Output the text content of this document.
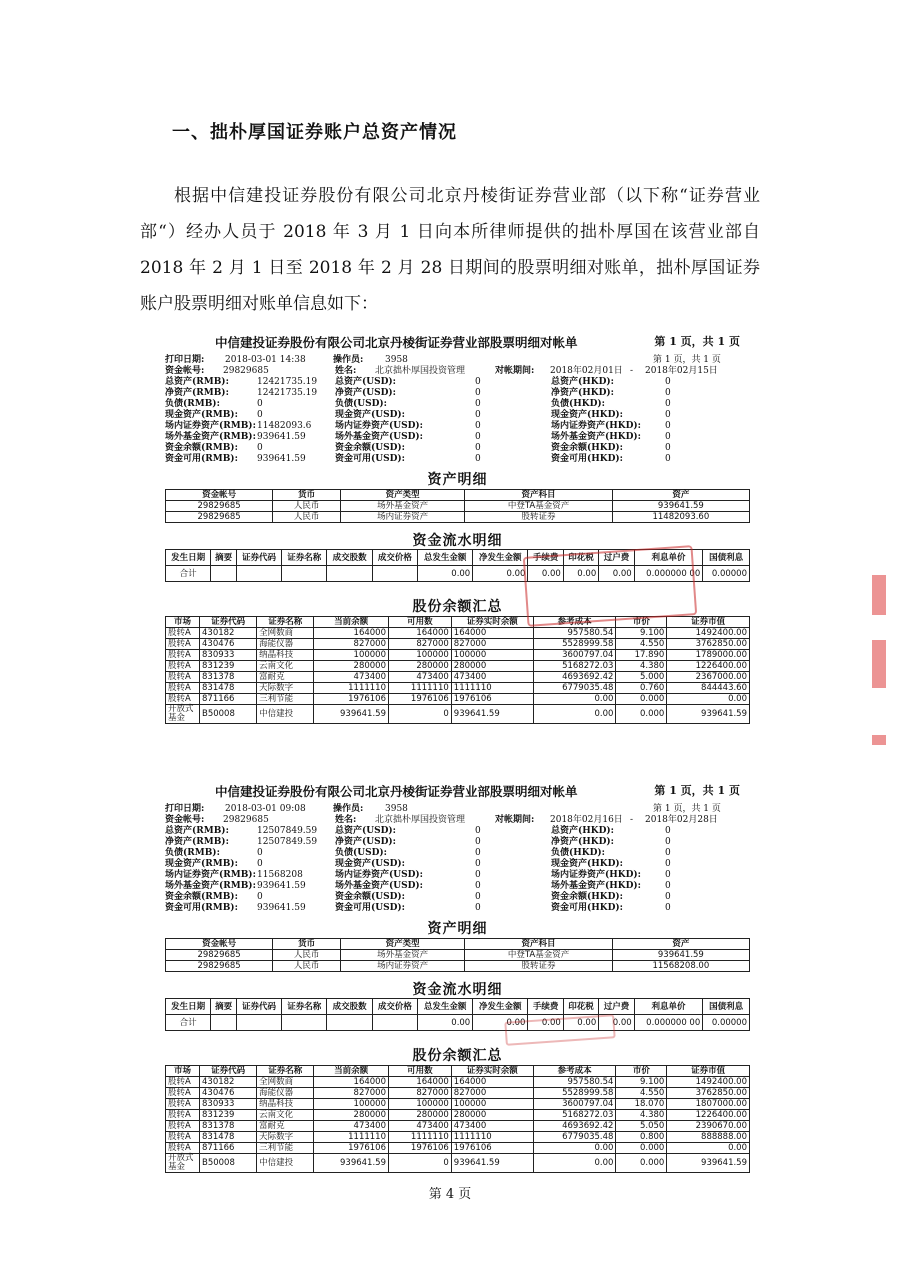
一、拙朴厚国证券账户总资产情况
根据中信建投证券股份有限公司北京丹棱街证券营业部（以下称“证券营业部“）经办人员于 2018 年 3 月 1 日向本所律师提供的拙朴厚国在该营业部自 2018 年 2 月 1 日至 2018 年 2 月 28 日期间的股票明细对账单，拙朴厚国证券账户股票明细对账单信息如下：
中信建投证券股份有限公司北京丹棱街证券营业部股票明细对帐单	第 1 页，共 1 页
打印日期: 2018-03-01 14:38	操作员: 3958	第 1 页，共 1 页
资金帐号: 29829685	姓名: 北京拙朴厚国投资管理	对帐期间: 2018年02月01日 - 2018年02月15日
总资产(RMB):	12421735.19 总资产(USD):	0	总资产(HKD):	0
净资产(RMB):	12421735.19 净资产(USD):	0	净资产(HKD):	0
负债(RMB):	0	负债(USD):	0	负债(HKD):	0
现金资产(RMB): 0	现金资产(USD):	0	现金资产(HKD):	0
场内证券资产(RMB): 11482093.6	场内证券资产(USD):	0	场内证券资产(HKD):	0
场外基金资产(RMB): 939641.59	场外基金资产(USD):	0	场外基金资产(HKD):	0
资金余额(RMB): 0	资金余额(USD):	0	资金余额(HKD):	0
资金可用(RMB): 939641.59	资金可用(USD):	0	资金可用(HKD):	0
资产明细
资金帐号	货币	资产类型	资产科目	资产
29829685	人民币	场外基金资产	中登TA基金资产	939641.59
29829685	人民币	场内证券资产	股转证券	11482093.60
资金流水明细
发生日期	摘要	证券代码	证券名称	成交股数	成交价格	总发生金额	净发生金额	手续费	印花税	过户费	利息单价	国债利息
合计						0.00	0.00	0.00	0.00	0.00	0.000000 00	0.00000
股份余额汇总
市场	证券代码	证券名称	当前余额	可用数	证券实时余额	参考成本	市价	证券市值
股转A	430182	全网数商	164000	164000	164000	957580.54	9.100	1492400.00
股转A	430476	海能仪器	827000	827000	827000	5528999.58	4.550	3762850.00
股转A	830933	纳晶科技	100000	100000	100000	3600797.04	17.890	1789000.00
股转A	831239	云南文化	280000	280000	280000	5168272.03	4.380	1226400.00
股转A	831378	富耐克	473400	473400	473400	4693692.42	5.000	2367000.00
股转A	831478	天际数字	1111110	1111110	1111110	6779035.48	0.760	844443.60
股转A	871166	三利节能	1976106	1976106	1976106	0.00	0.000	0.00
开放式基金	B50008	中信建投	939641.59	0	939641.59	0.00	0.000	939641.59
中信建投证券股份有限公司北京丹棱街证券营业部股票明细对帐单	第 1 页，共 1 页
打印日期: 2018-03-01 09:08	操作员: 3958	第 1 页，共 1 页
资金帐号: 29829685	姓名: 北京拙朴厚国投资管理	对帐期间: 2018年02月16日 - 2018年02月28日
总资产(RMB):	12507849.59 总资产(USD):	0	总资产(HKD):	0
净资产(RMB):	12507849.59 净资产(USD):	0	净资产(HKD):	0
负债(RMB):	0	负债(USD):	0	负债(HKD):	0
现金资产(RMB): 0	现金资产(USD):	0	现金资产(HKD):	0
场内证券资产(RMB): 11568208	场内证券资产(USD):	0	场内证券资产(HKD):	0
场外基金资产(RMB): 939641.59	场外基金资产(USD):	0	场外基金资产(HKD):	0
资金余额(RMB): 0	资金余额(USD):	0	资金余额(HKD):	0
资金可用(RMB): 939641.59	资金可用(USD):	0	资金可用(HKD):	0
资产明细
资金帐号	货币	资产类型	资产科目	资产
29829685	人民币	场外基金资产	中登TA基金资产	939641.59
29829685	人民币	场内证券资产	股转证券	11568208.00
资金流水明细
发生日期	摘要	证券代码	证券名称	成交股数	成交价格	总发生金额	净发生金额	手续费	印花税	过户费	利息单价	国债利息
合计						0.00	0.00	0.00	0.00	0.00	0.000000 00	0.00000
股份余额汇总
市场	证券代码	证券名称	当前余额	可用数	证券实时余额	参考成本	市价	证券市值
股转A	430182	全网数商	164000	164000	164000	957580.54	9.100	1492400.00
股转A	430476	海能仪器	827000	827000	827000	5528999.58	4.550	3762850.00
股转A	830933	纳晶科技	100000	100000	100000	3600797.04	18.070	1807000.00
股转A	831239	云南文化	280000	280000	280000	5168272.03	4.380	1226400.00
股转A	831378	富耐克	473400	473400	473400	4693692.42	5.050	2390670.00
股转A	831478	天际数字	1111110	1111110	1111110	6779035.48	0.800	888888.00
股转A	871166	三利节能	1976106	1976106	1976106	0.00	0.000	0.00
开放式基金	B50008	中信建投	939641.59	0	939641.59	0.00	0.000	939641.59
第 4 页
